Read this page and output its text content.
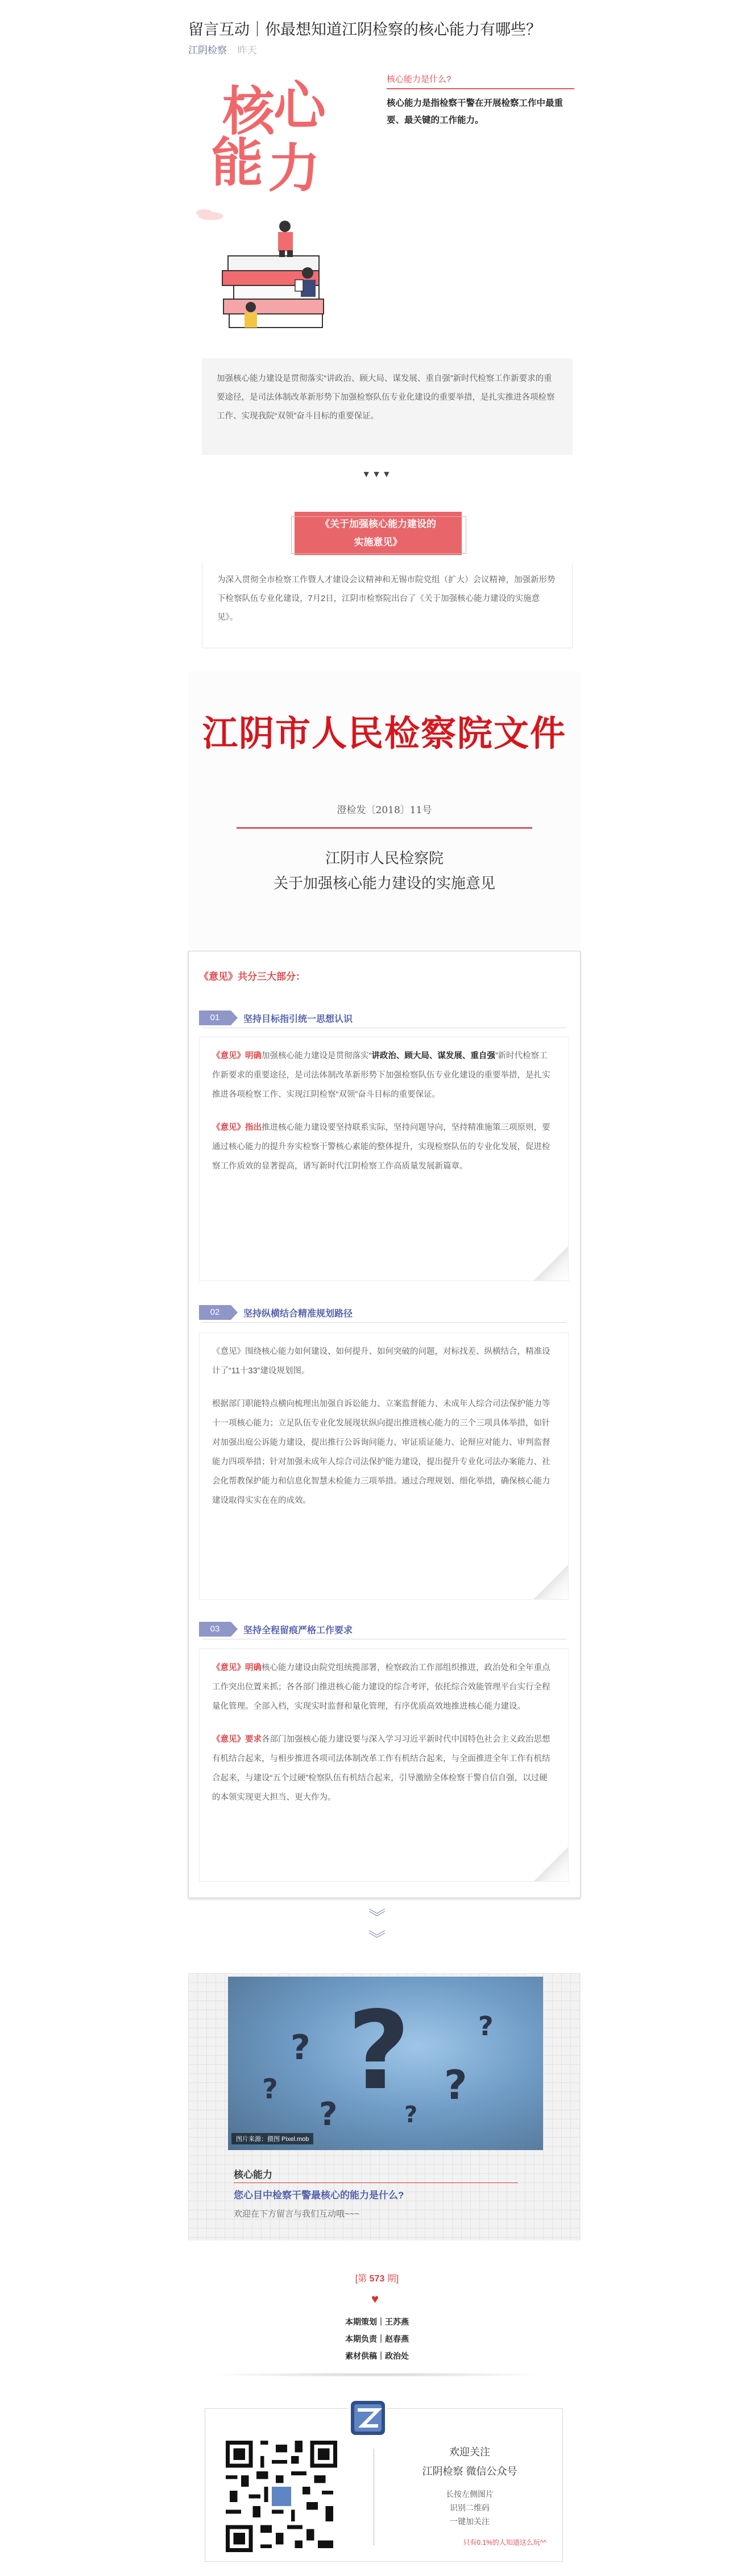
留言互动｜你最想知道江阴检察的核心能力有哪些？
江阴检察 昨天
核
心
能 力
核心能力是什么?
核心能力是指检察干警在开展检察工作中最重要、最关键的工作能力。
加强核心能力建设是贯彻落实“讲政治、顾大局、谋发展、重自强”新时代检察工作新要求的重要途径，是司法体制改革新形势下加强检察队伍专业化建设的重要举措，是扎实推进各项检察工作、实现我院“双领”奋斗目标的重要保证。
▼▼▼
《关于加强核心能力建设的
实施意见》
为深入贯彻全市检察工作暨人才建设会议精神和无锡市院党组（扩大）会议精神，加强新形势下检察队伍专业化建设，7月2日，江阴市检察院出台了《关于加强核心能力建设的实施意见》。
江阴市人民检察院文件
澄检发〔2018〕11号
江阴市人民检察院
关于加强核心能力建设的实施意见
《意见》共分三大部分：
01	坚持目标指引统一思想认识

《意见》明确加强核心能力建设是贯彻落实“讲政治、顾大局、谋发展、重自强”新时代检察工作新要求的重要途径，是司法体制改革新形势下加强检察队伍专业化建设的重要举措，是扎实推进各项检察工作、实现江阴检察“双领”奋斗目标的重要保证。

《意见》指出推进核心能力建设要坚持联系实际，坚持问题导向，坚持精准施策三项原则，要通过核心能力的提升夯实检察干警核心素能的整体提升，实现检察队伍的专业化发展，促进检察工作质效的显著提高，谱写新时代江阴检察工作高质量发展新篇章。

02	坚持纵横结合精准规划路径

《意见》围绕核心能力如何建设、如何提升、如何突破的问题，对标找差、纵横结合，精准设计了“11十33”建设规划图。

根据部门职能特点横向梳理出加强自诉讼能力、立案监督能力、未成年人综合司法保护能力等十一项核心能力；立足队伍专业化发展现状纵向提出推进核心能力的三个三项具体举措，如针对加强出庭公诉能力建设，提出推行公诉询问能力、审证质证能力、论辩应对能力、审判监督能力四项举措；针对加强未成年人综合司法保护能力建设，提出提升专业化司法办案能力、社会化帮教保护能力和信息化智慧未检能力三项举措。通过合理规划、细化举措，确保核心能力建设取得实实在在的成效。

03	坚持全程留痕严格工作要求

《意见》明确核心能力建设由院党组统揽部署，检察政治工作部组织推进，政治处和全年重点工作突出位置来抓；各各部门推进核心能力建设的综合考评，依托综合效能管理平台实行全程量化管理。全部入档，实现实时监督和量化管理，有序优质高效地推进核心能力建设。

《意见》要求各部门加强核心能力建设要与深入学习习近平新时代中国特色社会主义政治思想有机结合起来，与相步推进各项司法体制改革工作有机结合起来，与全面推进全年工作有机结合起来，与建设“五个过硬”检察队伍有机结合起来，引导激励全体检察干警自信自强，以过硬的本领实现更大担当、更大作为。

︾
︾
?
?
?	?
?
?	?
图片来源：摄图 Pixel.mob
核心能力
您心目中检察干警最核心的能力是什么?
欢迎在下方留言与我们互动哦~~~
[第 573 期]
♥
本期策划｜王苏燕
本期负责｜赵春燕
素材供稿｜政治处
欢迎关注
江阴检察 微信公众号
长按左侧图片
识别二维码
一键加关注
只有0.1%的人知道这么玩^^
